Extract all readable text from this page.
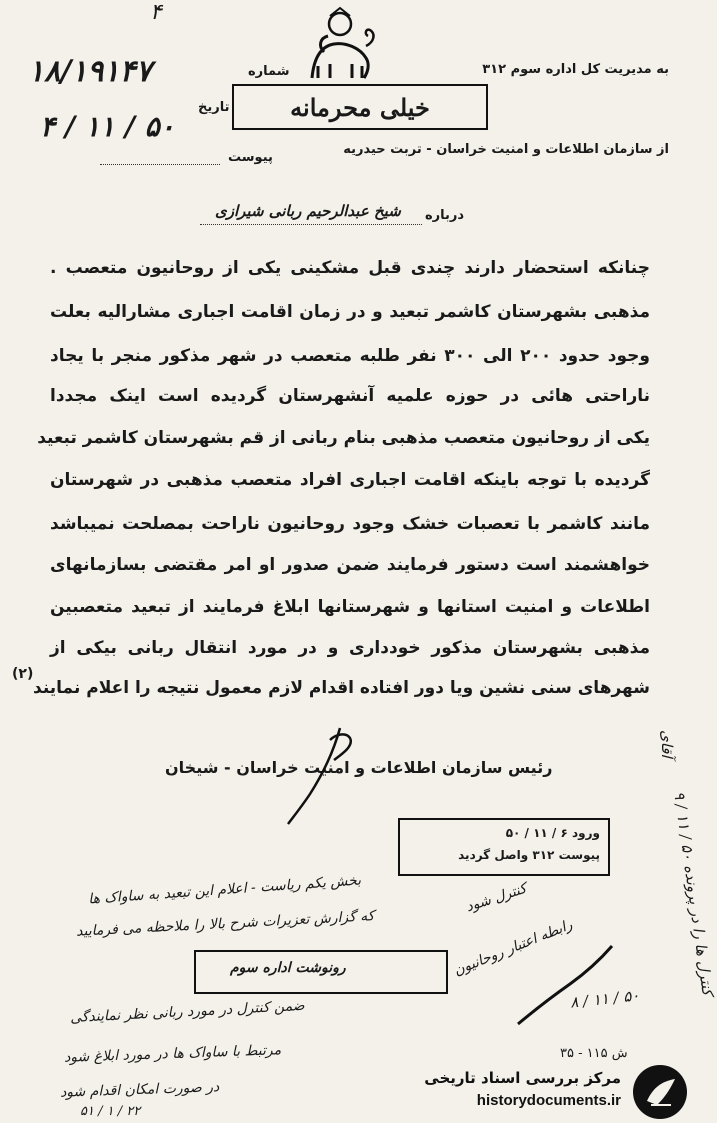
۴
به مدیریت کل اداره سوم ۳۱۲
شماره
۱۸/۱۹۱۴۷
خیلی محرمانه
تاریخ
۴ / ۱۱ / ۵۰
از سازمان اطلاعات و امنیت خراسان - تربت حیدریه
پیوست
درباره
شیخ عبدالرحیم ربانی شیرازی
چنانکه استحضار دارند چندی قبل مشکینی یکی از روحانیون متعصب .
مذهبی بشهرستان کاشمر تبعید و در زمان اقامت اجباری مشارالیه بعلت
وجود حدود ۲۰۰ الی ۳۰۰ نفر طلبه متعصب در شهر مذکور منجر با یجاد
ناراحتی هائی در حوزه علمیه آنشهرستان گردیده است اینک مجددا
یکی از روحانیون متعصب مذهبی بنام ربانی از قم بشهرستان کاشمر تبعید
گردیده با توجه باینکه اقامت اجباری افراد متعصب مذهبی در شهرستان
مانند کاشمر با تعصبات خشک وجود روحانیون ناراحت بمصلحت نمیباشد
خواهشمند است دستور فرمایند ضمن صدور او امر مقتضی بسازمانهای
اطلاعات و امنیت استانها و شهرستانها ابلاغ فرمایند از تبعید متعصبین
مذهبی بشهرستان مذکور خودداری و در مورد انتقال ربانی بیکی از
شهرهای سنی نشین ویا دور افتاده اقدام لازم معمول نتیجه را اعلام نمایند
(۲)
رئیس سازمان اطلاعات و امنیت خراسان - شیخان
ورود ۶ / ۱۱ / ۵۰
پیوست ۳۱۲ واصل گردید
بخش یکم ریاست - اعلام این تبعید به ساواک ها
که گزارش تعزیرات شرح بالا را ملاحظه می فرمایید
کنترل شود
رابطه اعتبار روحانیون
رونوشت اداره سوم
ضمن کنترل در مورد ربانی نظر نمایندگی
مرتبط با ساواک ها در مورد ابلاغ شود
در صورت امکان اقدام شود
۸ / ۱۱ / ۵۰
۳۵ - ۱۱۵ ش
۵۱ / ۱ / ۲۲
آقای
کنترل ها را در پرونده ۵۰ / ۱۱ / ۹
مرکز بررسی اسناد تاریخی
historydocuments.ir
